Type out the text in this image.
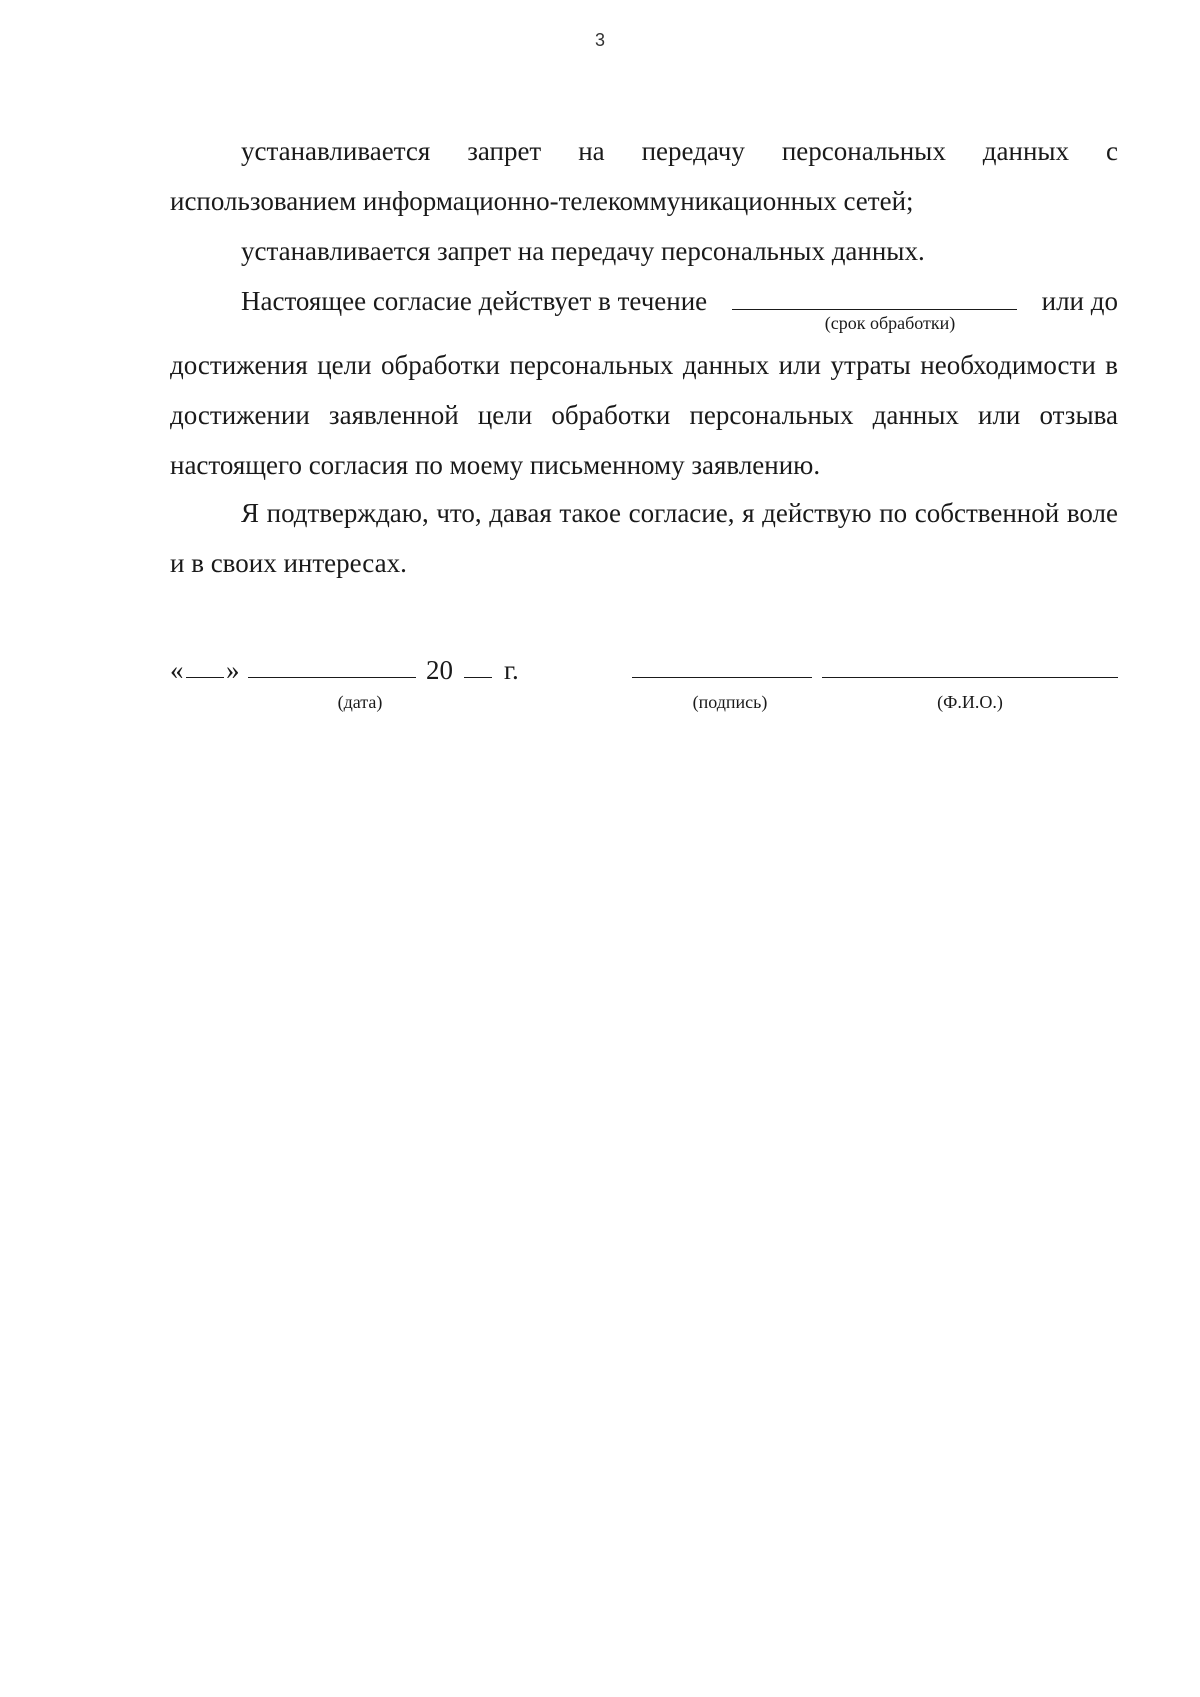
3

устанавливается запрет на передачу персональных данных с использованием информационно-телекоммуникационных сетей;

устанавливается запрет на передачу персональных данных.

Настоящее согласие действует в течение	или до
(срок обработки)

достижения цели обработки персональных данных или утраты необходимости в достижении заявленной цели обработки персональных данных или отзыва настоящего согласия по моему письменному заявлению.

Я подтверждаю, что, давая такое согласие, я действую по собственной воле и в своих интересах.

« »	20 г.
(дата)	(подпись)	(Ф.И.О.)
